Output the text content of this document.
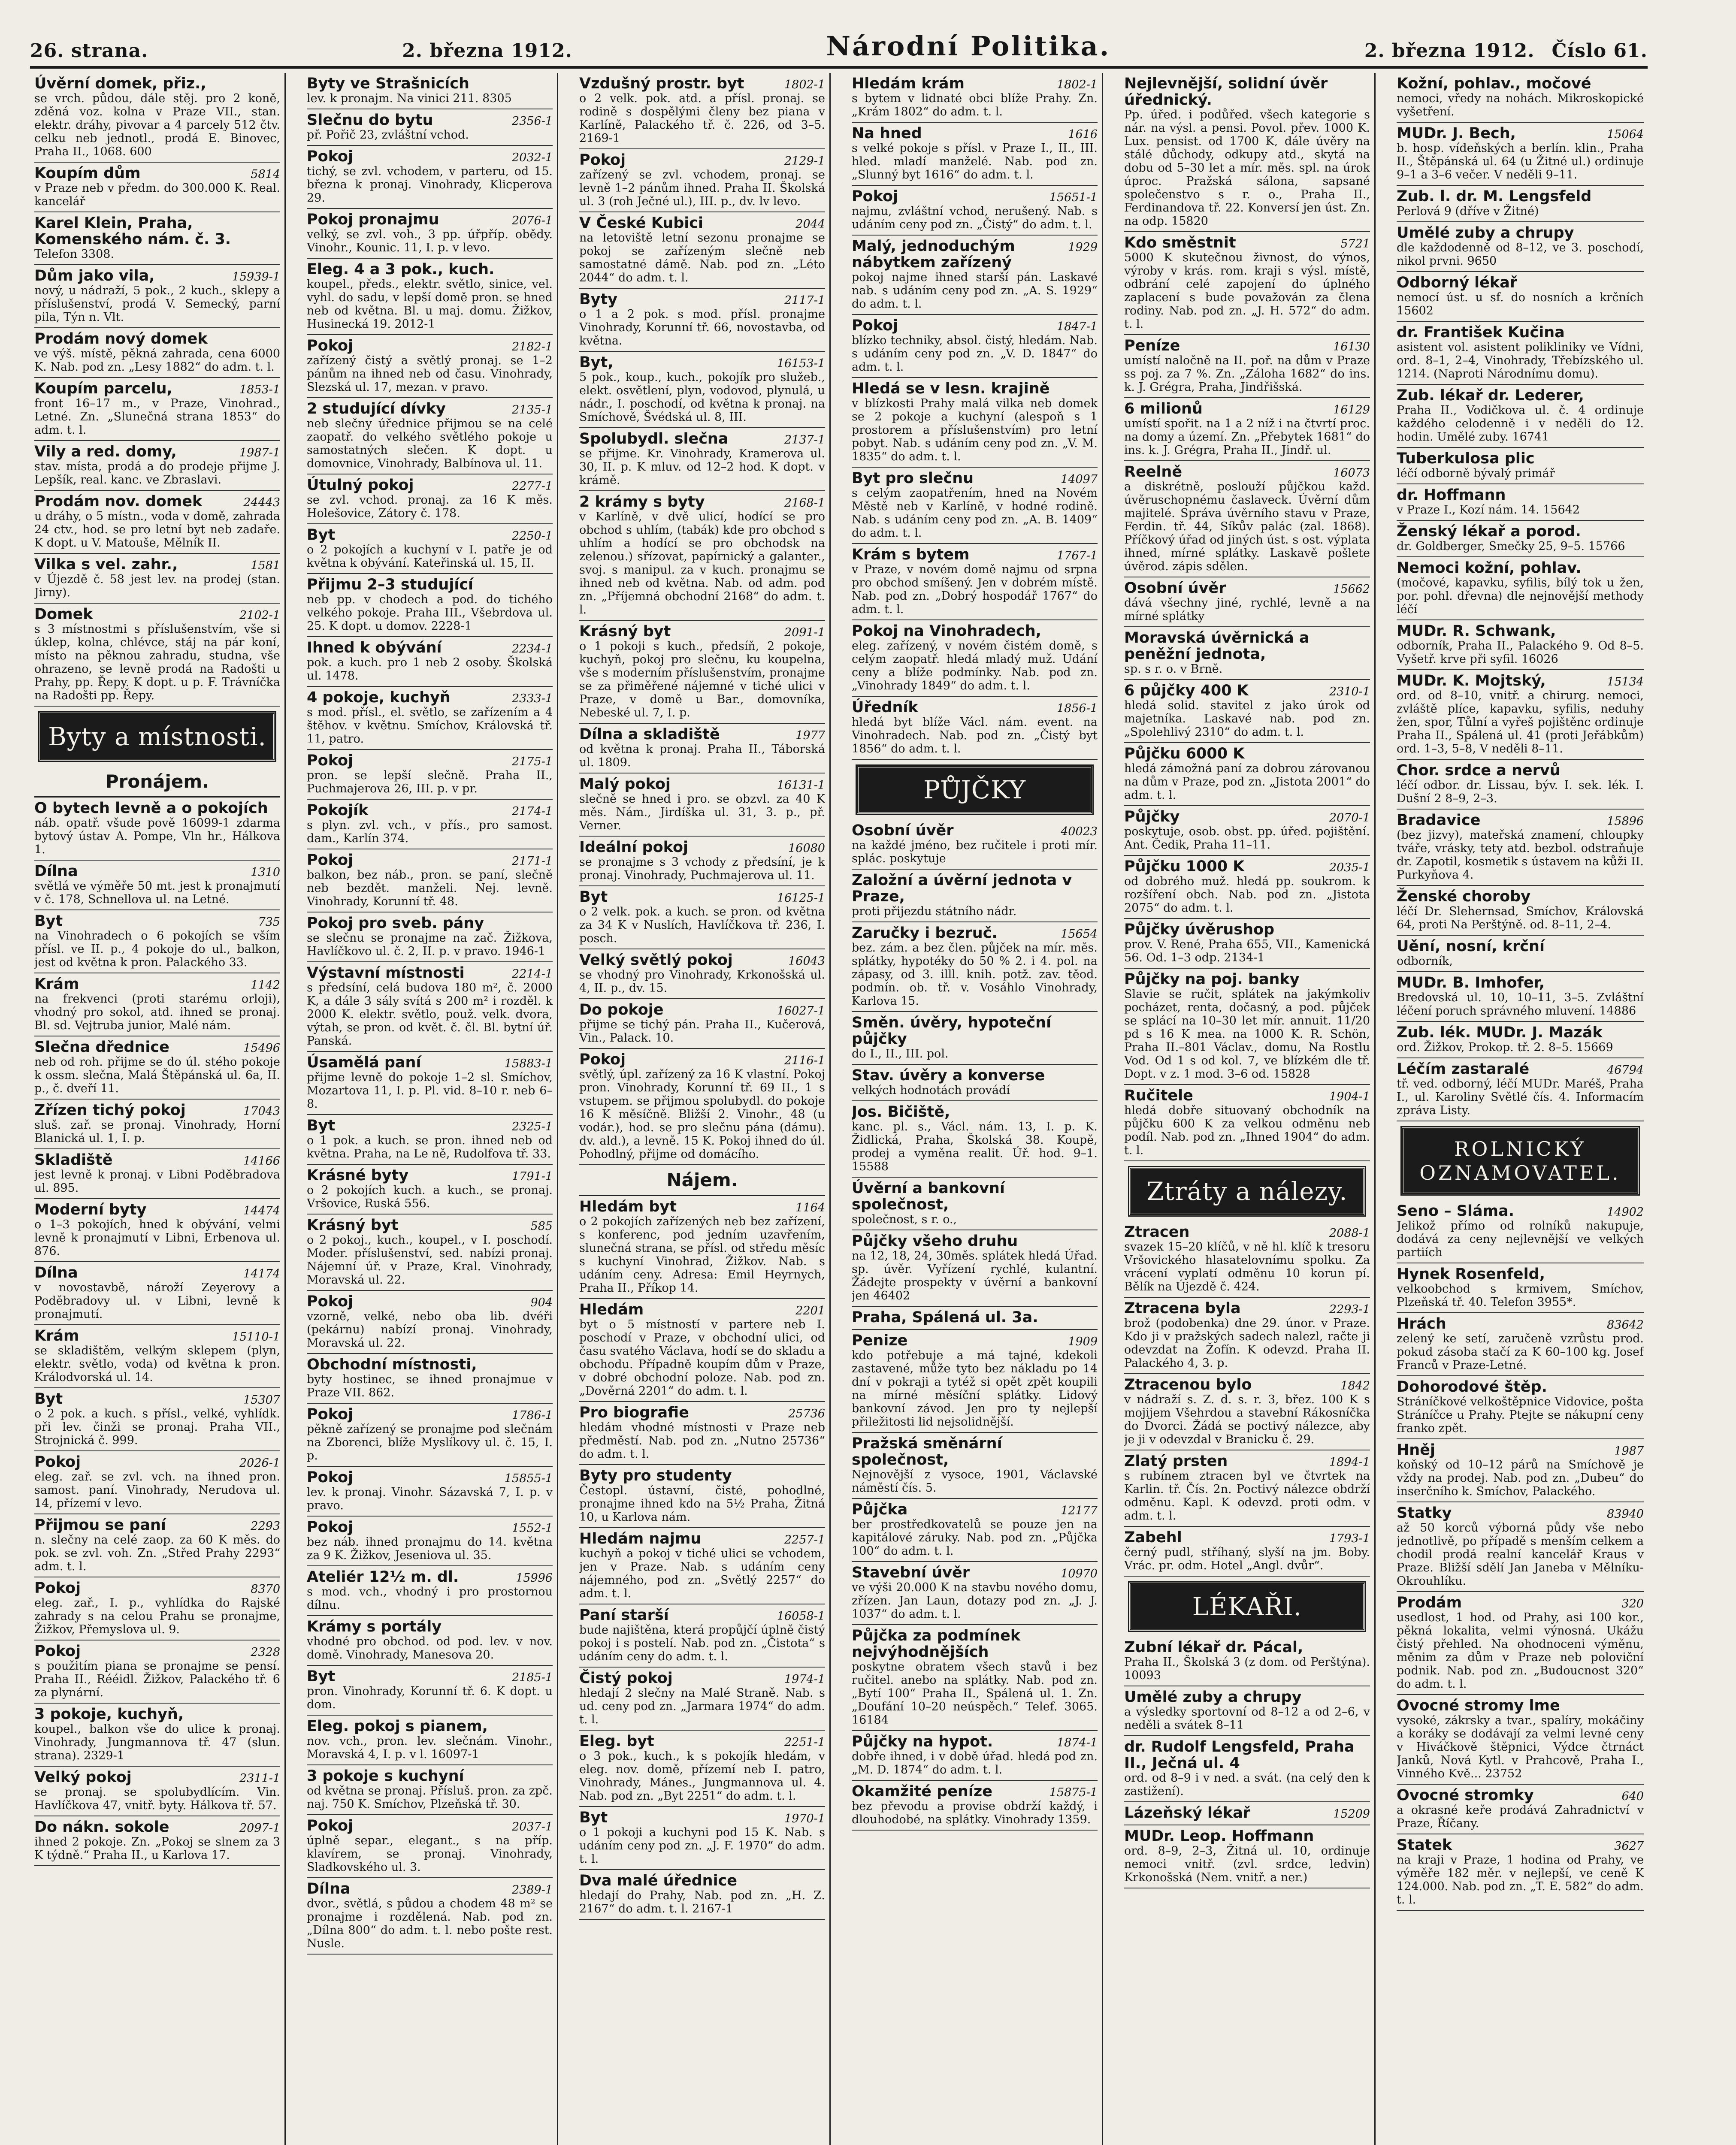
26. strana.	2. března 1912.	Národní Politika.	2. března 1912. Číslo 61.
Úvěrní domek, přiz.,
se vrch. půdou, dále stěj. pro 2 koně, zděná voz. kolna v Praze VII., stan. elektr. dráhy, pivovar a 4 parcely 512 čtv. celku neb jednotl., prodá E. Binovec, Praha II., 1068. 600
Koupím dům	5814
v Praze neb v předm. do 300.000 K. Real. kancelář
Karel Klein, Praha, Komenského nám. č. 3.
Telefon 3308.
Dům jako vila,	15939-1
nový, u nádraží, 5 pok., 2 kuch., sklepy a příslušenství, prodá V. Semecký, parní pila, Týn n. Vlt.
Prodám nový domek
ve výš. místě, pěkná zahrada, cena 6000 K. Nab. pod zn. „Lesy 1882“ do adm. t. l.
Koupím parcelu,	1853-1
front 16–17 m., v Praze, Vinohrad., Letné. Zn. „Slunečná strana 1853“ do adm. t. l.
Vily a red. domy,	1987-1
stav. místa, prodá a do prodeje přijme J. Lepšík, real. kanc. ve Zbraslavi.
Prodám nov. domek	24443
u dráhy, o 5 místn., voda v domě, zahrada 24 ctv., hod. se pro letní byt neb zadaře. K dopt. u V. Matouše, Mělník II.
Vilka s vel. zahr.,	1581
v Újezdě č. 58 jest lev. na prodej (stan. Jirny).
Domek	2102-1
s 3 místnostmi s příslušenstvím, vše si úklep, kolna, chlévce, stáj na pár koní, místo na pěknou zahradu, studna, vše ohrazeno, se levně prodá na Radošti u Prahy, pp. Řepy. K dopt. u p. F. Trávníčka na Radošti pp. Řepy.
Byty a místnosti.
Pronájem.
O bytech levně a o pokojích
náb. opatř. všude pově 16099-1 zdarma bytový ústav A. Pompe, Vln hr., Hálkova 1.
Dílna	1310
světlá ve výměře 50 mt. jest k pronajmutí v č. 178, Schnellova ul. na Letné.
Byt	735
na Vinohradech o 6 pokojích se vším přísl. ve II. p., 4 pokoje do ul., balkon, jest od května k pron. Palackého 33.
Krám	1142
na frekvenci (proti starému orloji), vhodný pro sokol, atd. ihned se pronaj. Bl. sd. Vejtruba junior, Malé nám.
Slečna dřednice	15496
neb od roh. přijme se do úl. stého pokoje k ossm. slečna, Malá Štěpánská ul. 6a, II. p., č. dveří 11.
Zřízen tichý pokoj	17043
sluš. zař. se pronaj. Vinohrady, Horní Blanická ul. 1, I. p.
Skladiště	14166
jest levně k pronaj. v Libni Poděbradova ul. 895.
Moderní byty	14474
o 1–3 pokojích, hned k obývání, velmi levně k pronajmutí v Libni, Erbenova ul. 876.
Dílna	14174
v novostavbě, nároží Zeyerovy a Poděbradovy ul. v Libni, levně k pronajmutí.
Krám	15110-1
se skladištěm, velkým sklepem (plyn, elektr. světlo, voda) od května k pron. Králodvorská ul. 14.
Byt	15307
o 2 pok. a kuch. s přísl., velké, vyhlídk. při lev. činži se pronaj. Praha VII., Strojnická č. 999.
Pokoj	2026-1
eleg. zař. se zvl. vch. na ihned pron. samost. paní. Vinohrady, Nerudova ul. 14, přízemí v levo.
Přijmou se paní	2293
n. slečny na celé zaop. za 60 K měs. do pok. se zvl. voh. Zn. „Střed Prahy 2293“ adm. t. l.
Pokoj	8370
eleg. zař., I. p., vyhlídka do Rajské zahrady s na celou Prahu se pronajme, Žižkov, Přemyslova ul. 9.
Pokoj	2328
s použitím piana se pronajme se pensí. Praha II., Rééidl. Žižkov, Palackého tř. 6 za plynární.
3 pokoje, kuchyň,
koupel., balkon vše do ulice k pronaj. Vinohrady, Jungmannova tř. 47 (slun. strana). 2329-1
Velký pokoj	2311-1
se pronaj. se spolubydlícím. Vin. Havlíčkova 47, vnitř. byty. Hálkova tř. 57.
Do nákn. sokole	2097-1
ihned 2 pokoje. Zn. „Pokoj se slnem za 3 K týdně.“ Praha II., u Karlova 17.
Byty ve Strašnicích
lev. k pronajm. Na vinici 211. 8305
Slečnu do bytu	2356-1
př. Pořič 23, zvláštní vchod.
Pokoj	2032-1
tichý, se zvl. vchodem, v parteru, od 15. března k pronaj. Vinohrady, Klicperova 29.
Pokoj pronajmu	2076-1
velký, se zvl. voh., 3 pp. úřpříp. obědy. Vinohr., Kounic. 11, I. p. v levo.
Eleg. 4 a 3 pok., kuch.
koupel., předs., elektr. světlo, sinice, vel. vyhl. do sadu, v lepší domě pron. se hned neb od května. Bl. u maj. domu. Žižkov, Husinecká 19. 2012-1
Pokoj	2182-1
zařízený čistý a světlý pronaj. se 1–2 pánům na ihned neb od času. Vinohrady, Slezská ul. 17, mezan. v pravo.
2 studující dívky	2135-1
neb slečny úřednice přijmou se na celé zaopatř. do velkého světlého pokoje u samostatných slečen. K dopt. u domovnice, Vinohrady, Balbínova ul. 11.
Útulný pokoj	2277-1
se zvl. vchod. pronaj. za 16 K měs. Holešovice, Zátory č. 178.
Byt	2250-1
o 2 pokojích a kuchyní v I. patře je od května k obývání. Kateřinská ul. 15, II.
Přijmu 2–3 studující
neb pp. v chodech a pod. do tichého velkého pokoje. Praha III., Všebrdova ul. 25. K dopt. u domov. 2228-1
Ihned k obývání	2234-1
pok. a kuch. pro 1 neb 2 osoby. Školská ul. 1478.
4 pokoje, kuchyň	2333-1
s mod. přísl., el. světlo, se zařízením a 4 štěhov. v květnu. Smíchov, Královská tř. 11, patro.
Pokoj	2175-1
pron. se lepší slečně. Praha II., Puchmajerova 26, III. p. v pr.
Pokojík	2174-1
s plyn. zvl. vch., v přís., pro samost. dam., Karlín 374.
Pokoj	2171-1
balkon, bez náb., pron. se paní, slečně neb bezdět. manželi. Nej. levně. Vinohrady, Korunní tř. 48.
Pokoj pro sveb. pány
se slečnu se pronajme na zač. Žižkova, Havlíčkovo ul. č. 2, II. p. v pravo. 1946-1
Výstavní místnosti	2214-1
s předsíní, celá budova 180 m², č. 2000 K, a dále 3 sály svítá s 200 m² i rozděl. k 2000 K. elektr. světlo, použ. velk. dvora, výtah, se pron. od květ. č. čl. Bl. bytní úř. Panská.
Úsamělá paní	15883-1
přijme levně do pokoje 1–2 sl. Smíchov, Mozartova 11, I. p. Pl. vid. 8–10 r. neb 6–8.
Byt	2325-1
o 1 pok. a kuch. se pron. ihned neb od května. Praha, na Le ně, Rudolfova tř. 33.
Krásné byty	1791-1
o 2 pokojích kuch. a kuch., se pronaj. Vršovice, Ruská 556.
Krásný byt	585
o 2 pokoj., kuch., koupel., v I. poschodí. Moder. příslušenství, sed. nabízi pronaj. Nájemní úř. v Praze, Kral. Vinohrady, Moravská ul. 22.
Pokoj	904
vzorně, velké, nebo oba lib. dvéři (pekárnu) nabízí pronaj. Vinohrady, Moravská ul. 22.
Obchodní místnosti,
byty hostinec, se ihned pronajmue v Praze VII. 862.
Pokoj	1786-1
pěkně zařízený se pronajme pod slečnám na Zborenci, blíže Myslíkovy ul. č. 15, I. p.
Pokoj	15855-1
lev. k pronaj. Vinohr. Sázavská 7, I. p. v pravo.
Pokoj	1552-1
bez náb. ihned pronajmu do 14. května za 9 K. Žižkov, Jeseniova ul. 35.
Ateliér 12½ m. dl.	15996
s mod. vch., vhodný i pro prostornou dílnu.
Krámy s portály
vhodné pro obchod. od pod. lev. v nov. domě. Vinohrady, Manesova 20.
Byt	2185-1
pron. Vinohrady, Korunní tř. 6. K dopt. u dom.
Eleg. pokoj s pianem,
nov. vch., pron. lev. slečnám. Vinohr., Moravská 4, I. p. v l. 16097-1
3 pokoje s kuchyní
od května se pronaj. Přísluš. pron. za zpč. naj. 750 K. Smíchov, Plzeňská tř. 30.
Pokoj	2037-1
úplně separ., elegant., s na příp. klavírem, se pronaj. Vinohrady, Sladkovského ul. 3.
Dílna	2389-1
dvor., světlá, s půdou a chodem 48 m² se pronajme i rozdělená. Nab. pod zn. „Dílna 800“ do adm. t. l. nebo pošte rest. Nusle.
Vzdušný prostr. byt	1802-1
o 2 velk. pok. atd. a přísl. pronaj. se rodině s dospělými členy bez piana v Karlíně, Palackého tř. č. 226, od 3–5. 2169-1
Pokoj	2129-1
zařízený se zvl. vchodem, pronaj. se levně 1–2 pánům ihned. Praha II. Školská ul. 3 (roh Ječné ul.), III. p., dv. lv levo.
V České Kubici	2044
na letoviště letní sezonu pronajme se pokoj se zařízeným slečně neb samostatné dámě. Nab. pod zn. „Léto 2044“ do adm. t. l.
Byty	2117-1
o 1 a 2 pok. s mod. přísl. pronajme Vinohrady, Korunní tř. 66, novostavba, od května.
Byt,	16153-1
5 pok., koup., kuch., pokojík pro služeb., elekt. osvětlení, plyn, vodovod, plynulá, u nádr., I. poschodí, od května k pronaj. na Smíchově, Švédská ul. 8, III.
Spolubydl. slečna	2137-1
se přijme. Kr. Vinohrady, Kramerova ul. 30, II. p. K mluv. od 12–2 hod. K dopt. v krámě.
2 krámy s byty	2168-1
v Karlíně, v dvě ulicí, hodící se pro obchod s uhlím, (tabák) kde pro obchod s uhlím a hodící se pro obchodsk na zelenou.) sřízovat, papírnický a galanter., svoj. s manipul. za v kuch. pronajmu se ihned neb od května. Nab. od adm. pod zn. „Příjemná obchodní 2168“ do adm. t. l.
Krásný byt	2091-1
o 1 pokoji s kuch., předsíň, 2 pokoje, kuchyň, pokoj pro slečnu, ku koupelna, vše s moderním příslušenstvím, pronajme se za přiměřené nájemné v tiché ulici v Praze, v domě u Bar., domovníka, Nebeské ul. 7, I. p.
Dílna a skladiště	1977
od května k pronaj. Praha II., Táborská ul. 1809.
Malý pokoj	16131-1
slečně se hned i pro. se obzvl. za 40 K měs. Nám., Jirdíška ul. 31, 3. p., př. Verner.
Ideální pokoj	16080
se pronajme s 3 vchody z předsíní, je k pronaj. Vinohrady, Puchmajerova ul. 11.
Byt	16125-1
o 2 velk. pok. a kuch. se pron. od května za 34 K v Nuslích, Havlíčkova tř. 236, I. posch.
Velký světlý pokoj	16043
se vhodný pro Vinohrady, Krkonošská ul. 4, II. p., dv. 15.
Do pokoje	16027-1
přijme se tichý pán. Praha II., Kučerová, Vin., Palack. 10.
Pokoj	2116-1
světlý, úpl. zařízený za 16 K vlastní. Pokoj pron. Vinohrady, Korunní tř. 69 II., 1 s vstupem. se přijmou spolubydl. do pokoje 16 K měsíčně. Bližší 2. Vinohr., 48 (u vodár.), hod. se pro slečnu pána (dámu). dv. ald.), a levně. 15 K. Pokoj ihned do úl. Pohodlný, přijme od domácího.
Nájem.
Hledám byt	1164
o 2 pokojích zařízených neb bez zařízení, s konferenc, pod jedním uzavřením, slunečná strana, se přísl. od středu měsíc s kuchyní Vinohrad, Žižkov. Nab. s udáním ceny. Adresa: Emil Heyrnych, Praha II., Příkop 14.
Hledám	2201
byt o 5 místností v partere neb I. poschodí v Praze, v obchodní ulici, od času svatého Václava, hodí se do skladu a obchodu. Případně koupím dům v Praze, v dobré obchodní poloze. Nab. pod zn. „Dověrná 2201“ do adm. t. l.
Pro biografie	25736
hledám vhodné místnosti v Praze neb předměstí. Nab. pod zn. „Nutno 25736“ do adm. t. l.
Byty pro studenty
Čestopl. ústavní, čisté, pohodlné, pronajme ihned kdo na 5½ Praha, Žitná 10, u Karlova nám.
Hledám najmu	2257-1
kuchyň a pokoj v tiché ulici se vchodem, jen v Praze. Nab. s udáním ceny nájemného, pod zn. „Světlý 2257“ do adm. t. l.
Paní starší	16058-1
bude najištěna, která propůjčí úplně čistý pokoj i s postelí. Nab. pod zn. „Čistota“ s udáním ceny do adm. t. l.
Čistý pokoj	1974-1
hledají 2 slečny na Malé Straně. Nab. s ud. ceny pod zn. „Jarmara 1974“ do adm. t. l.
Eleg. byt	2251-1
o 3 pok., kuch., k s pokojík hledám, v eleg. nov. domě, přízemí neb I. patro, Vinohrady, Mánes., Jungmannova ul. 4. Nab. pod zn. „Byt 2251“ do adm. t. l.
Byt	1970-1
o 1 pokoji a kuchyni pod 15 K. Nab. s udáním ceny pod zn. „J. F. 1970“ do adm. t. l.
Dva malé úřednice
hledají do Prahy, Nab. pod zn. „H. Z. 2167“ do adm. t. l. 2167-1
Hledám krám	1802-1
s bytem v lidnaté obci blíže Prahy. Zn. „Krám 1802“ do adm. t. l.
Na hned	1616
s velké pokoje s přísl. v Praze I., II., III. hled. mladí manželé. Nab. pod zn. „Slunný byt 1616“ do adm. t. l.
Pokoj	15651-1
najmu, zvláštní vchod, nerušený. Nab. s udáním ceny pod zn. „Čistý“ do adm. t. l.
Malý, jednoduchým nábytkem zařízený
1929
pokoj najme ihned starší pán. Laskavé nab. s udáním ceny pod zn. „A. S. 1929“ do adm. t. l.
Pokoj	1847-1
blízko techniky, absol. čistý, hledám. Nab. s udáním ceny pod zn. „V. D. 1847“ do adm. t. l.
Hledá se v lesn. krajině
v blízkosti Prahy malá vilka neb domek se 2 pokoje a kuchyní (alespoň s 1 prostorem a příslušenstvím) pro letní pobyt. Nab. s udáním ceny pod zn. „V. M. 1835“ do adm. t. l.
Byt pro slečnu	14097
s celým zaopatřením, hned na Novém Městě neb v Karlíně, v hodné rodině. Nab. s udáním ceny pod zn. „A. B. 1409“ do adm. t. l.
Krám s bytem	1767-1
v Praze, v novém domě najmu od srpna pro obchod smíšený. Jen v dobrém místě. Nab. pod zn. „Dobrý hospodář 1767“ do adm. t. l.
Pokoj na Vinohradech,
eleg. zařízený, v novém čistém domě, s celým zaopatř. hledá mladý muž. Udání ceny a blíže podmínky. Nab. pod zn. „Vinohrady 1849“ do adm. t. l.
Úředník	1856-1
hledá byt blíže Václ. nám. event. na Vinohradech. Nab. pod zn. „Čistý byt 1856“ do adm. t. l.
PŮJČKY
Osobní úvěr	40023
na každé jméno, bez ručitele i proti mír. splác. poskytuje
Založní a úvěrní jednota v Praze,
proti přijezdu státního nádr.
Zaručky i bezruč.	15654
bez. zám. a bez člen. půjček na mír. měs. splátky, hypotéky do 50 % 2. i 4. pol. na zápasy, od 3. illl. knih. potž. zav. těod. podmín. ob. tř. v. Vosáhlo Vinohrady, Karlova 15.
Směn. úvěry, hypoteční půjčky
do I., II., III. pol.
Stav. úvěry a konverse
velkých hodnotách provádí
Jos. Bičiště,
kanc. pl. s., Václ. nám. 13, I. p. K. Židlická, Praha, Školská 38. Koupě, prodej a vyměna realit. Úř. hod. 9–1. 15588
Úvěrní a bankovní společnost,
společnost, s r. o.,
Půjčky všeho druhu
na 12, 18, 24, 30měs. splátek hledá Úřad. sp. úvěr. Vyřízení rychlé, kulantní. Žádejte prospekty v úvěrní a bankovní jen 46402
Praha, Spálená ul. 3a.
Penize	1909
kdo potřebuje a má tajné, kdekoli zastavené, může tyto bez nákladu po 14 dní v pokraji a tytéž si opět zpět koupili na mírné měsíční splátky. Lidový bankovní závod. Jen pro ty nejlepší přiležitosti lid nejsolidnější.
Pražská směnární společnost,
Nejnovější z vysoce, 1901, Václavské náměstí čís. 5.
Půjčka	12177
ber prostředkovatelů se pouze jen na kapitálové záruky. Nab. pod zn. „Půjčka 100“ do adm. t. l.
Stavební úvěr	10970
ve výši 20.000 K na stavbu nového domu, zřízen. Jan Laun, dotazy pod zn. „J. J. 1037“ do adm. t. l.
Půjčka za podmínek nejvýhodnějších
poskytne obratem všech stavů i bez ručitel. anebo na splátky. Nab. pod zn. „Bytí 100“ Praha II., Spálená ul. 1. Zn. „Doufání 10–20 neúspěch.“ Telef. 3065. 16184
Půjčky na hypot.	1874-1
dobře ihned, i v době úřad. hledá pod zn. „M. D. 1874“ do adm. t. l.
Okamžité peníze	15875-1
bez převodu a provise obdrží každý, i dlouhodobé, na splátky. Vinohrady 1359.
Nejlevnější, solidní úvěr úřednický.
Pp. úřed. i podůřed. všech kategorie s nár. na výsl. a pensi. Povol. přev. 1000 K. Lux. pensist. od 1700 K, dále úvěry na stálé důchody, odkupy atd., skytá na dobu od 5–30 let a mír. měs. spl. na úrok úproc. Pražská sálona, sapsané společenstvo s r. o., Praha II., Ferdinandova tř. 22. Konversí jen úst. Zn. na odp. 15820
Kdo směstnit	5721
5000 K skutečnou živnost, do výnos, výroby v krás. rom. kraji s výsl. místě, odbrání celé zapojení do úplného zaplacení s bude považován za člena rodiny. Nab. pod zn. „J. H. 572“ do adm. t. l.
Peníze	16130
umístí naločně na II. poř. na dům v Praze ss poj. za 7 %. Zn. „Záloha 1682“ do ins. k. J. Grégra, Praha, Jindřišská.
6 milionů	16129
umístí spořit. na 1 a 2 níž i na čtvrtí proc. na domy a území. Zn. „Přebytek 1681“ do ins. k. J. Grégra, Praha II., Jindř. ul.
Reelně	16073
a diskrétně, poslouží půjčkou každ. úvěruschopnému časlaveck. Úvěrní dům majitelé. Správa úvěrního stavu v Praze, Ferdin. tř. 44, Síkův palác (zal. 1868). Příčkový úřad od jiných úst. s ost. výplata ihned, mírné splátky. Laskavě pošlete úvěrod. zápis sdělen.
Osobní úvěr	15662
dává všechny jiné, rychlé, levně a na mírné splátky
Moravská úvěrnická a peněžní jednota,
sp. s r. o. v Brně.
6 půjčky 400 K	2310-1
hledá solid. stavitel z jako úrok od majetníka. Laskavé nab. pod zn. „Spolehlivý 2310“ do adm. t. l.
Půjčku 6000 K
hledá zámožná paní za dobrou zárovanou na dům v Praze, pod zn. „Jistota 2001“ do adm. t. l.
Půjčky	2070-1
poskytuje, osob. obst. pp. úřed. pojištění. Ant. Čedik, Praha 11–11.
Půjčku 1000 K	2035-1
od dobrého muž. hledá pp. soukrom. k rozšíření obch. Nab. pod zn. „Jistota 2075“ do adm. t. l.
Půjčky úvěrushop
prov. V. René, Praha 655, VII., Kamenická 56. Od. 1–3 odp. 2134-1
Půjčky na poj. banky
Slavie se ručit, splátek na jakýmkoliv pocházet, renta, dočasný, a pod. půjček se splácí na 10–30 let mír. annuit. 11/20 pd s 16 K mea. na 1000 K. R. Schön, Praha II.–801 Václav., domu, Na Rostlu Vod. Od 1 s od kol. 7, ve blízkém dle tř. Dopt. v z. 1 mod. 3–6 od. 15828
Ručitele	1904-1
hledá dobře situovaný obchodník na půjčku 600 K za velkou odměnu neb podíl. Nab. pod zn. „Ihned 1904“ do adm. t. l.
Ztráty a nálezy.
Ztracen	2088-1
svazek 15–20 klíčů, v ně hl. klíč k tresoru Vršovického hlasatelovnímu spolku. Za vrácení vyplatí odměnu 10 korun pí. Bělík na Újezdě č. 424.
Ztracena byla	2293-1
brož (podobenka) dne 29. únor. v Praze. Kdo ji v pražských sadech nalezl, račte ji odevzdat na Žofín. K odevzd. Praha II. Palackého 4, 3. p.
Ztracenou bylo	1842
v nádraží s. Z. d. s. r. 3, břez. 100 K s mojijem Všehrdou a stavební Rákosníčka do Dvorci. Žádá se poctivý nálezce, aby je ji v odevzdal v Branicku č. 29.
Zlatý prsten	1894-1
s rubínem ztracen byl ve čtvrtek na Karlin. tř. Čís. 2n. Poctivý nálezce obdrží odměnu. Kapl. K odevzd. proti odm. v adm. t. l.
Zabehl	1793-1
černý pudl, stříhaný, slyší na jm. Boby. Vrác. pr. odm. Hotel „Angl. dvůr“.
LÉKAŘI.
Zubní lékař dr. Pácal,
Praha II., Školská 3 (z dom. od Perštýna). 10093
Umělé zuby a chrupy
a výsledky sportovní od 8–12 a od 2–6, v neděli a svátek 8–11
dr. Rudolf Lengsfeld, Praha II., Ječná ul. 4
ord. od 8–9 i v ned. a svát. (na celý den k zastižení).
Lázeňský lékař	15209
MUDr. Leop. Hoffmann
ord. 8–9, 2–3, Žitná ul. 10, ordinuje nemoci vnitř. (zvl. srdce, ledvin) Krkonošská (Nem. vnitř. a ner.)
Kožní, pohlav., močové
nemoci, vředy na nohách. Mikroskopické vyšetření.
MUDr. J. Bech,	15064
b. hosp. vídeňských a berlín. klin., Praha II., Štěpánská ul. 64 (u Žitné ul.) ordinuje 9–1 a 3–6 večer. V neděli 9–11.
Zub. l. dr. M. Lengsfeld
Perlová 9 (dříve v Žitné)
Umělé zuby a chrupy
dle každodenně od 8–12, ve 3. poschodí, nikol prvni. 9650
Odborný lékař
nemocí úst. u sf. do nosních a krčních 15602
dr. František Kučina
asistent vol. asistent polikliniky ve Vídni, ord. 8–1, 2–4, Vinohrady, Třebízského ul. 1214. (Naproti Národnímu domu).
Zub. lékař dr. Lederer,
Praha II., Vodičkova ul. č. 4 ordinuje každého celodenně i v neděli do 12. hodin. Umělé zuby. 16741
Tuberkulosa plic
léčí odborně bývalý primář
dr. Hoffmann
v Praze I., Kozí nám. 14. 15642
Ženský lékař a porod.
dr. Goldberger, Smečky 25, 9–5. 15766
Nemoci kožní, pohlav.
(močové, kapavku, syfilis, bílý tok u žen, por. pohl. dřevna) dle nejnovější methody léčí
MUDr. R. Schwank,
odborník, Praha II., Palackého 9. Od 8–5. Vyšetř. krve při syfil. 16026
MUDr. K. Mojtský,	15134
ord. od 8–10, vnitř. a chirurg. nemoci, zvláště plíce, kapavku, syfilis, neduhy žen, spor, Tůlní a vyřeš pojištěnc ordinuje Praha II., Spálená ul. 41 (proti Jeřábkům) ord. 1–3, 5–8, V neděli 8–11.
Chor. srdce a nervů
léčí odbor. dr. Lissau, býv. I. sek. lék. I. Dušní 2 8–9, 2–3.
Bradavice	15896
(bez jizvy), mateřská znamení, chloupky tváře, vrásky, tety atd. bezbol. odstraňuje dr. Zapotil, kosmetik s ústavem na kůži II. Purkyňova 4.
Ženské choroby
léčí Dr. Slehernsad, Smíchov, Královská 64, proti Na Perštýně. od. 8–11, 2–4.
Uění, nosní, krční
odborník,
MUDr. B. Imhofer,
Bredovská ul. 10, 10–11, 3–5. Zvláštní léčení poruch správného mluvení. 14886
Zub. lék. MUDr. J. Mazák
ord. Žižkov, Prokop. tř. 2. 8–5. 15669
Léčím zastaralé	46794
tř. ved. odborný, léčí MUDr. Maréš, Praha I., ul. Karoliny Světlé čís. 4. Informacím zpráva Listy.
ROLNICKÝ OZNAMOVATEL.
Seno – Sláma.	14902
Jelikož přímo od rolníků nakupuje, dodává za ceny nejlevnější ve velkých partiích
Hynek Rosenfeld,
velkoobchod s krmivem, Smíchov, Plzeňská tř. 40. Telefon 3955*.
Hrách	83642
zelený ke setí, zaručeně vzrůstu prod. pokud zásoba stačí za K 60–100 kg. Josef Franců v Praze-Letné.
Dohorodové štěp.
Stráníčkové velkoštěpnice Vidovice, pošta Stráníčce u Prahy. Ptejte se nákupní ceny franko zpět.
Hněj	1987
koňský od 10–12 párů na Smíchově je vždy na prodej. Nab. pod zn. „Dubeu“ do inserčního k. Smíchov, Palackého.
Statky	83940
až 50 korců výborná půdy vše nebo jednotlivě, po případě s menším celkem a chodil prodá realní kancelář Kraus v Praze. Bližší sdělí Jan Janeba v Mělníku-Okrouhlíku.
Prodám	320
usedlost, 1 hod. od Prahy, asi 100 kor., pěkná lokalita, velmi výnosná. Ukážu čistý přehled. Na ohodnoceni výměnu, měnim za dům v Praze neb poloviční podnik. Nab. pod zn. „Budoucnost 320“ do adm. t. l.
Ovocné stromy lme
vysoké, zákrsky a tvar., spalíry, mokáčiny a koráky se dodávají za velmi levné ceny v Hiváčkově štěpnici, Výdce čtrnáct Janků, Nová Kytl. v Prahcově, Praha I., Vinného Kvě... 23752
Ovocné stromky	640
a okrasné keře prodává Zahradnictví v Praze, Říčany.
Statek	3627
na kraji v Praze, 1 hodina od Prahy, ve výměře 182 měr. v nejlepší, ve ceně K 124.000. Nab. pod zn. „T. E. 582“ do adm. t. l.
